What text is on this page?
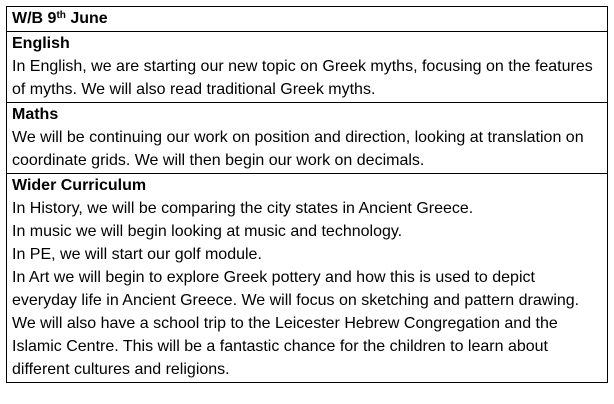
W/B 9th June

English
In English, we are starting our new topic on Greek myths, focusing on the features of myths. We will also read traditional Greek myths.

Maths
We will be continuing our work on position and direction, looking at translation on coordinate grids. We will then begin our work on decimals.

Wider Curriculum
In History, we will be comparing the city states in Ancient Greece.
In music we will begin looking at music and technology.
In PE, we will start our golf module.
In Art we will begin to explore Greek pottery and how this is used to depict everyday life in Ancient Greece. We will focus on sketching and pattern drawing.
We will also have a school trip to the Leicester Hebrew Congregation and the Islamic Centre. This will be a fantastic chance for the children to learn about different cultures and religions.
